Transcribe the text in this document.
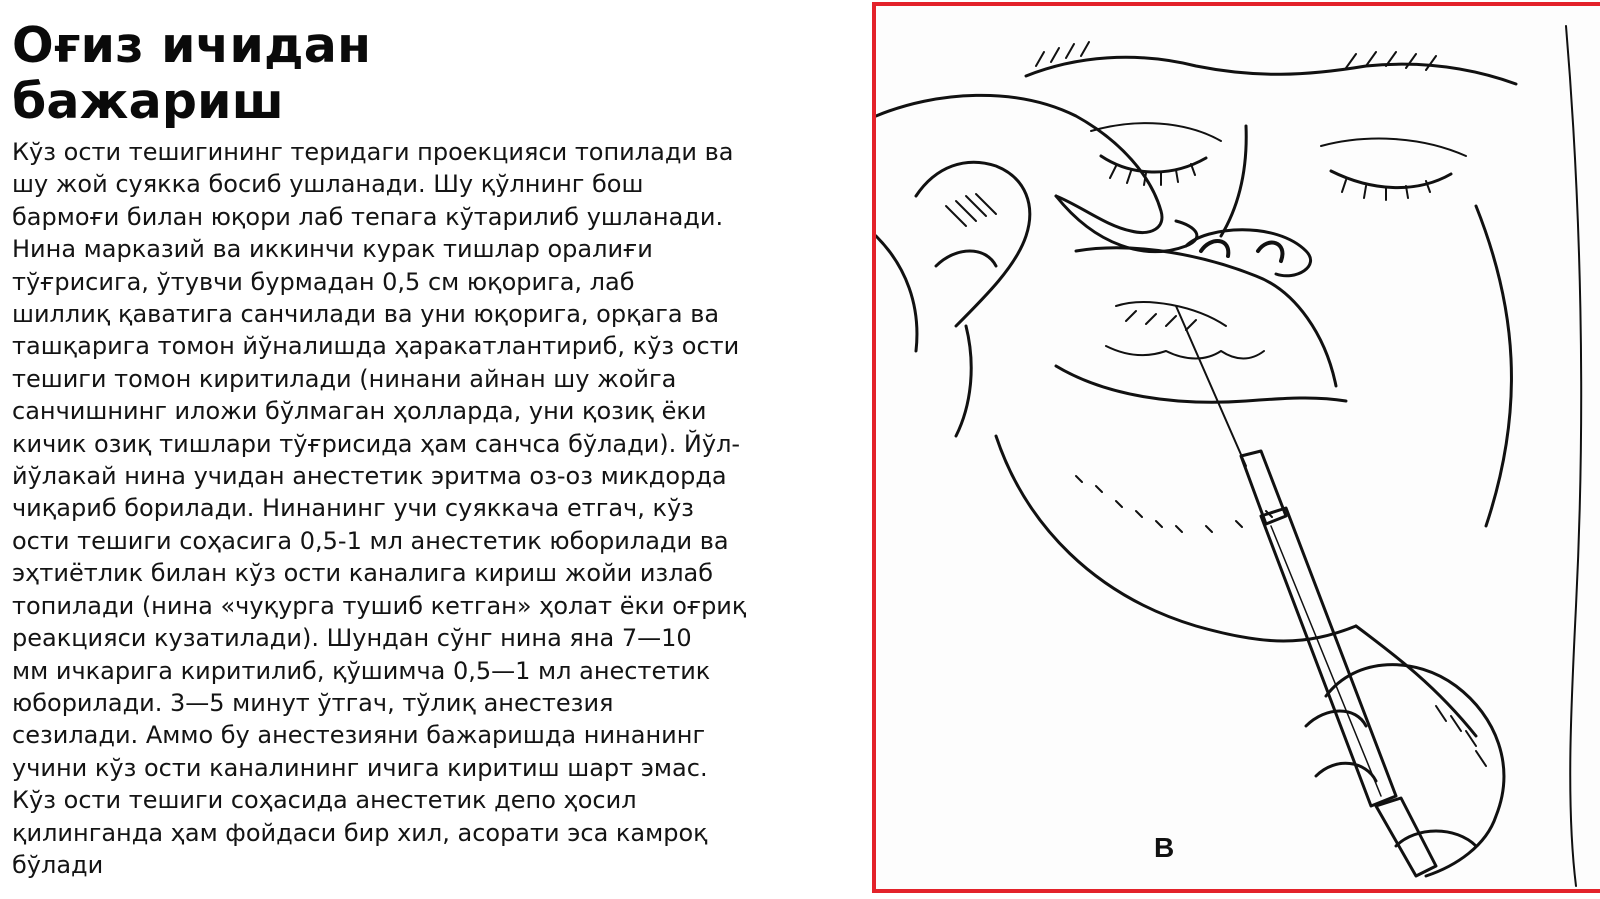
Оғиз ичидан
бажариш

Кўз ости тешигининг теридаги проекцияси топилади ва
шу жой суякка босиб ушланади. Шу қўлнинг бош
бармоғи билан юқори лаб тепага кўтарилиб ушланади.
Нина марказий ва иккинчи курак тишлар оралиғи
тўғрисига, ўтувчи бурмадан 0,5 см юқорига, лаб
шиллиқ қаватига санчилади ва уни юқорига, орқага ва
ташқарига томон йўналишда ҳаракатлантириб, кўз ости
тешиги томон киритилади (нинани айнан шу жойга
санчишнинг иложи бўлмаган ҳолларда, уни қозиқ ёки
кичик озиқ тишлари тўғрисида ҳам санчса бўлади). Йўл-
йўлакай нина учидан анестетик эритма оз-оз микдорда
чиқариб борилади. Нинанинг учи суяккача етгач, кўз
ости тешиги соҳасига 0,5-1 мл анестетик юборилади ва
эҳтиётлик билан кўз ости каналига кириш жойи излаб
топилади (нина «чуқурга тушиб кетган» ҳолат ёки оғриқ
реакцияси кузатилади). Шундан сўнг нина яна 7—10
мм ичкарига киритилиб, қўшимча 0,5—1 мл анестетик
юборилади. 3—5 минут ўтгач, тўлиқ анестезия
сезилади. Аммо бу анестезияни бажаришда нинанинг
учини кўз ости каналининг ичига киритиш шарт эмас.
Кўз ости тешиги соҳасида анестетик депо ҳосил
қилинганда ҳам фойдаси бир хил, асорати эса камроқ
бўлади

B
